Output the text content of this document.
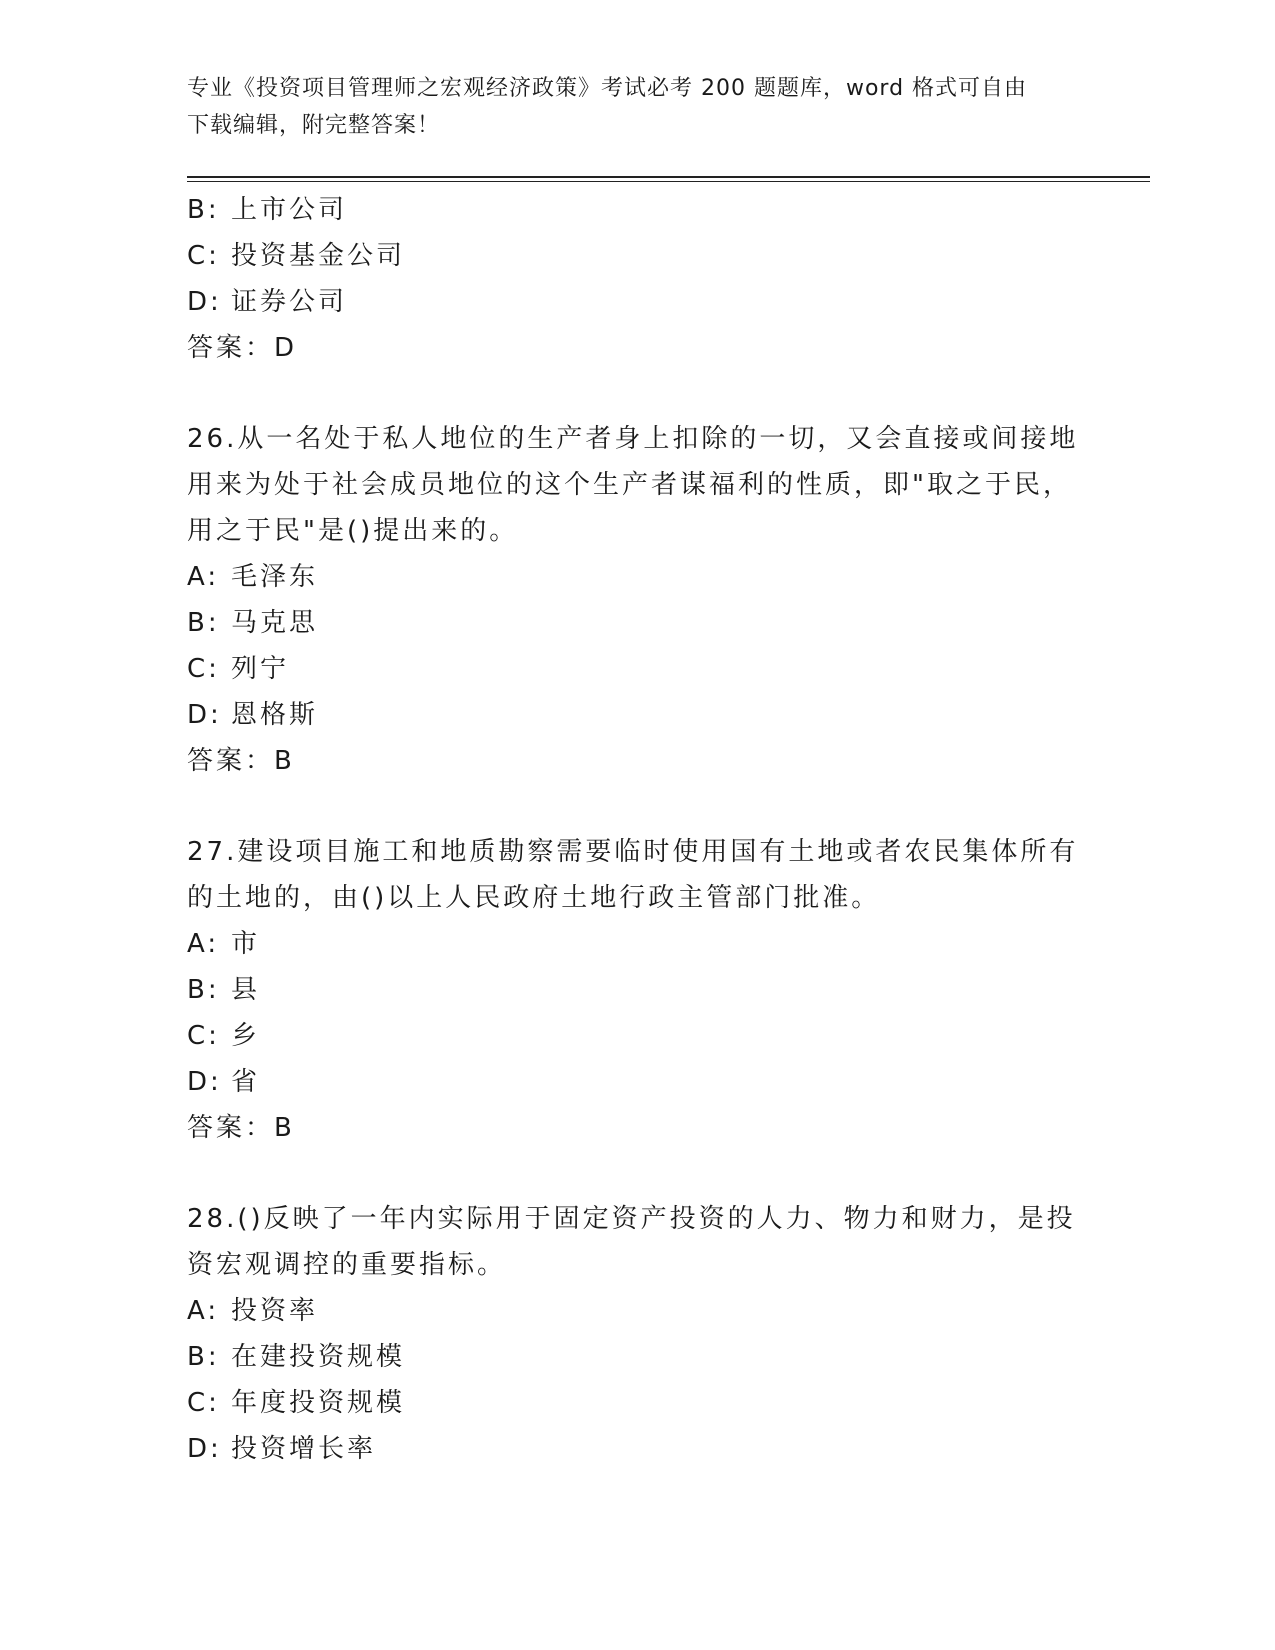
专业《投资项目管理师之宏观经济政策》考试必考 200 题题库，word 格式可自由
下载编辑，附完整答案！
B: 上市公司
C: 投资基金公司
D: 证券公司
答案：D
26.从一名处于私人地位的生产者身上扣除的一切，又会直接或间接地
用来为处于社会成员地位的这个生产者谋福利的性质，即"取之于民，
用之于民"是()提出来的。
A: 毛泽东
B: 马克思
C: 列宁
D: 恩格斯
答案：B
27.建设项目施工和地质勘察需要临时使用国有土地或者农民集体所有
的土地的，由()以上人民政府土地行政主管部门批准。
A: 市
B: 县
C: 乡
D: 省
答案：B
28.()反映了一年内实际用于固定资产投资的人力、物力和财力，是投
资宏观调控的重要指标。
A: 投资率
B: 在建投资规模
C: 年度投资规模
D: 投资增长率
